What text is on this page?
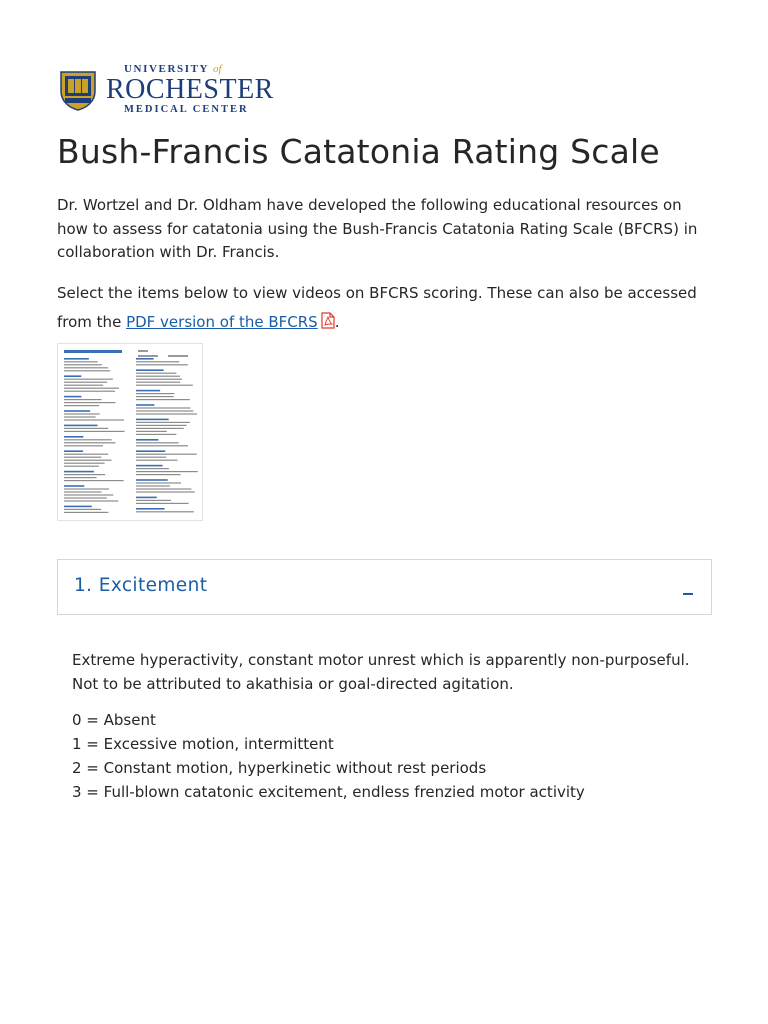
UNIVERSITY of
ROCHESTER
MEDICAL CENTER
Bush-Francis Catatonia Rating Scale

Dr. Wortzel and Dr. Oldham have developed the following educational resources on how to assess for catatonia using the Bush-Francis Catatonia Rating Scale (BFCRS) in collaboration with Dr. Francis.

Select the items below to view videos on BFCRS scoring. These can also be accessed from the PDF version of the BFCRS .

1. Excitement

Extreme hyperactivity, constant motor unrest which is apparently non-purposeful. Not to be attributed to akathisia or goal-directed agitation.

0 = Absent
1 = Excessive motion, intermittent
2 = Constant motion, hyperkinetic without rest periods
3 = Full-blown catatonic excitement, endless frenzied motor activity
